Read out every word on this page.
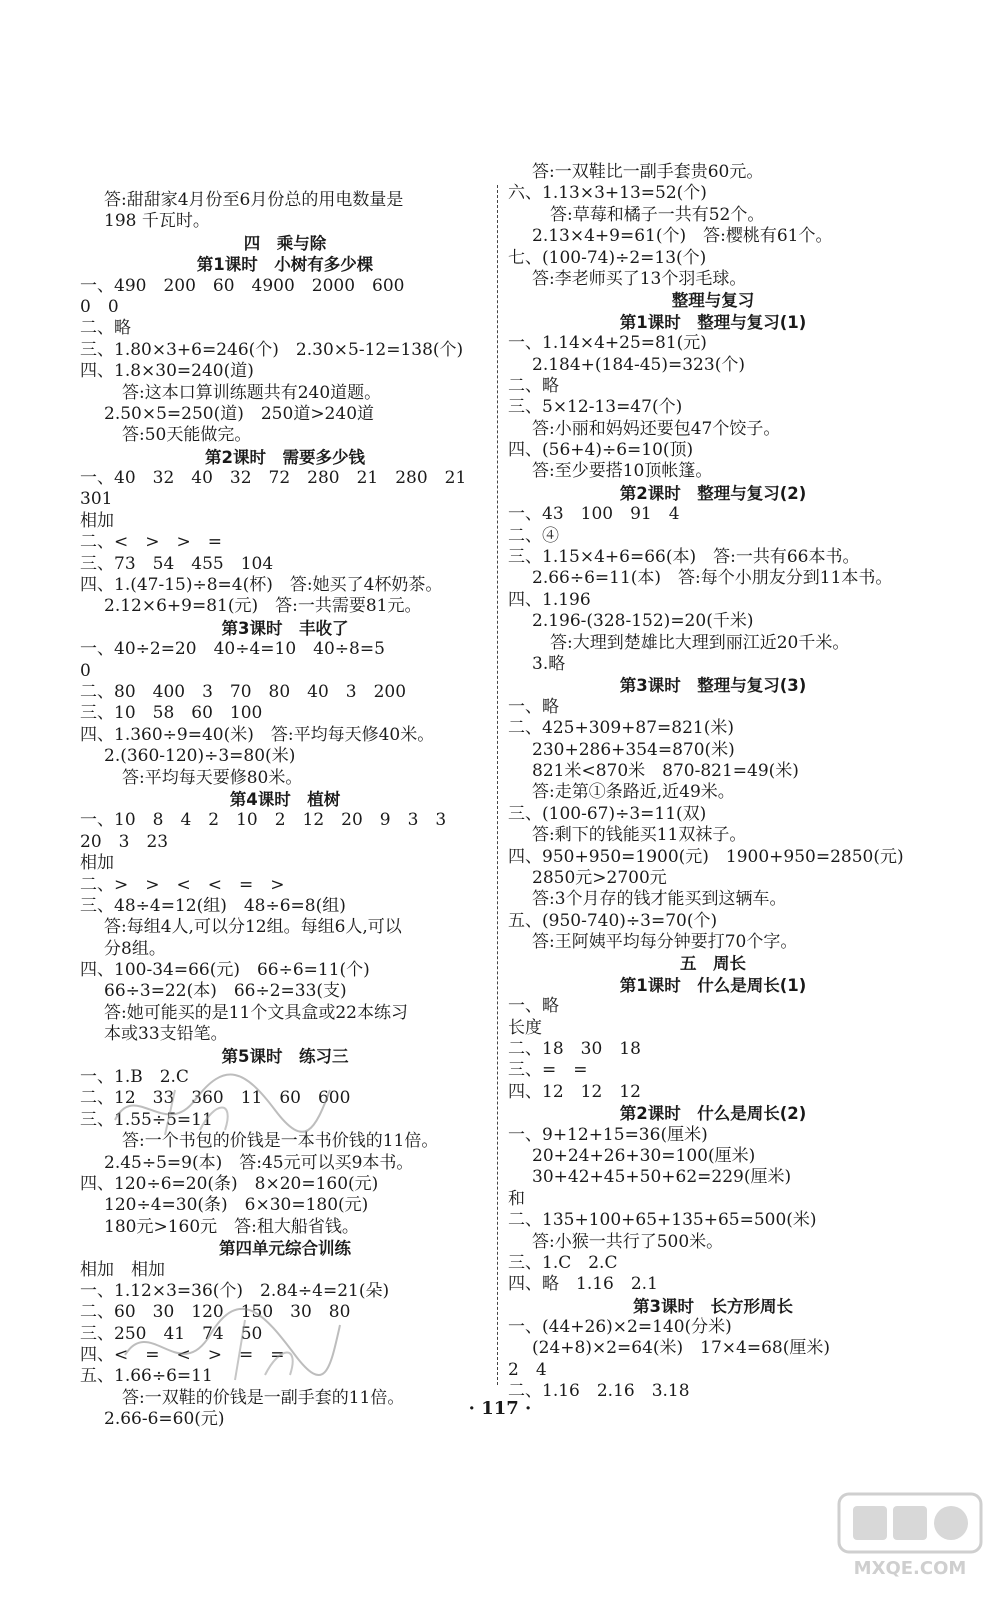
答:甜甜家4月份至6月份总的用电数量是
198 千瓦时。
四　乘与除
第1课时　小树有多少棵
一、490　200　60　4900　2000　600
0　0
二、略
三、1.80×3+6=246(个)　2.30×5-12=138(个)
四、1.8×30=240(道)
答:这本口算训练题共有240道题。
2.50×5=250(道)　250道>240道
答:50天能做完。
第2课时　需要多少钱
一、40　32　40　32　72　280　21　280　21
301
相加
二、<　>　>　=
三、73　54　455　104
四、1.(47-15)÷8=4(杯)　答:她买了4杯奶茶。
2.12×6+9=81(元)　答:一共需要81元。
第3课时　丰收了
一、40÷2=20　40÷4=10　40÷8=5
0
二、80　400　3　70　80　40　3　200
三、10　58　60　100
四、1.360÷9=40(米)　答:平均每天修40米。
2.(360-120)÷3=80(米)
答:平均每天要修80米。
第4课时　植树
一、10　8　4　2　10　2　12　20　9　3　3
20　3　23
相加
二、>　>　<　<　=　>
三、48÷4=12(组)　48÷6=8(组)
答:每组4人,可以分12组。每组6人,可以
分8组。
四、100-34=66(元)　66÷6=11(个)
66÷3=22(本)　66÷2=33(支)
答:她可能买的是11个文具盒或22本练习
本或33支铅笔。
第5课时　练习三
一、1.B　2.C
二、12　33　360　11　60　600
三、1.55÷5=11
答:一个书包的价钱是一本书价钱的11倍。
2.45÷5=9(本)　答:45元可以买9本书。
四、120÷6=20(条)　8×20=160(元)
120÷4=30(条)　6×30=180(元)
180元>160元　答:租大船省钱。
第四单元综合训练
相加　相加
一、1.12×3=36(个)　2.84÷4=21(朵)
二、60　30　120　150　30　80
三、250　41　74　50
四、<　=　<　>　=　=
五、1.66÷6=11
答:一双鞋的价钱是一副手套的11倍。
2.66-6=60(元)
答:一双鞋比一副手套贵60元。
六、1.13×3+13=52(个)
答:草莓和橘子一共有52个。
2.13×4+9=61(个)　答:樱桃有61个。
七、(100-74)÷2=13(个)
答:李老师买了13个羽毛球。
整理与复习
第1课时　整理与复习(1)
一、1.14×4+25=81(元)
2.184+(184-45)=323(个)
二、略
三、5×12-13=47(个)
答:小丽和妈妈还要包47个饺子。
四、(56+4)÷6=10(顶)
答:至少要搭10顶帐篷。
第2课时　整理与复习(2)
一、43　100　91　4
二、④
三、1.15×4+6=66(本)　答:一共有66本书。
2.66÷6=11(本)　答:每个小朋友分到11本书。
四、1.196
2.196-(328-152)=20(千米)
答:大理到楚雄比大理到丽江近20千米。
3.略
第3课时　整理与复习(3)
一、略
二、425+309+87=821(米)
230+286+354=870(米)
821米<870米　870-821=49(米)
答:走第①条路近,近49米。
三、(100-67)÷3=11(双)
答:剩下的钱能买11双袜子。
四、950+950=1900(元)　1900+950=2850(元)
2850元>2700元
答:3个月存的钱才能买到这辆车。
五、(950-740)÷3=70(个)
答:王阿姨平均每分钟要打70个字。
五　周长
第1课时　什么是周长(1)
一、略
长度
二、18　30　18
三、=　=
四、12　12　12
第2课时　什么是周长(2)
一、9+12+15=36(厘米)
20+24+26+30=100(厘米)
30+42+45+50+62=229(厘米)
和
二、135+100+65+135+65=500(米)
答:小猴一共行了500米。
三、1.C　2.C
四、略　1.16　2.1
第3课时　长方形周长
一、(44+26)×2=140(分米)
(24+8)×2=64(米)　17×4=68(厘米)
2　4
二、1.16　2.16　3.18
· 117 ·
MXQE.COM
